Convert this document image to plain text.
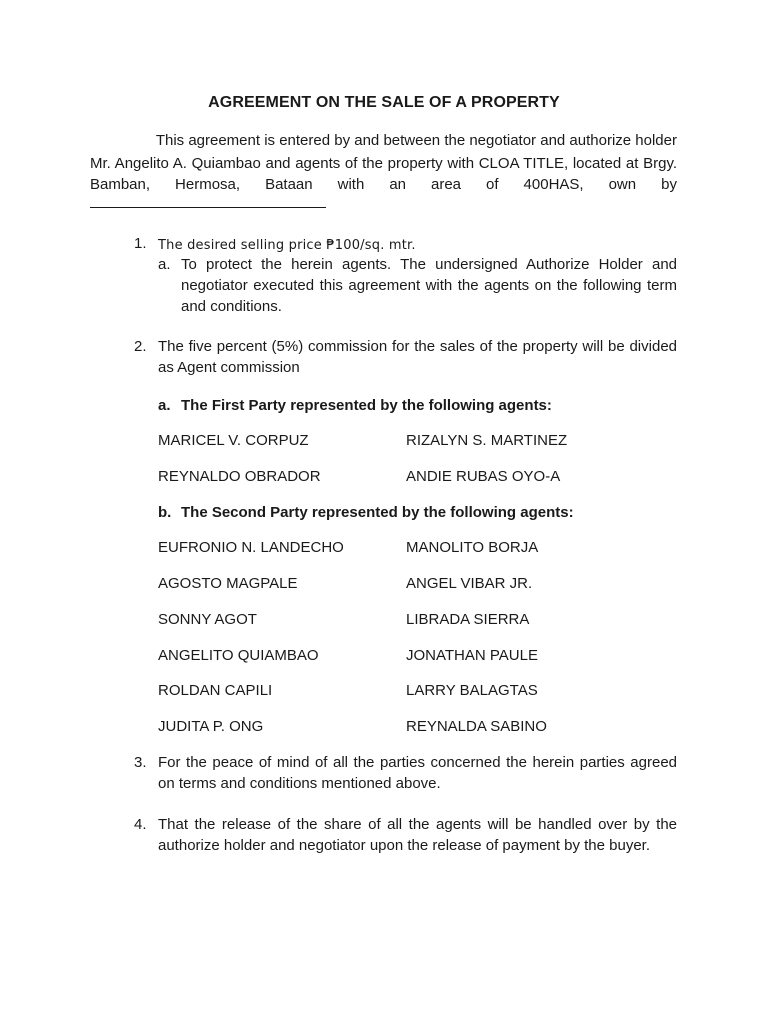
AGREEMENT ON THE SALE OF A PROPERTY
This agreement is entered by and between the negotiator and authorize holder
Mr. Angelito A. Quiambao and agents of the property with CLOA TITLE, located at Brgy.
Bamban, Hermosa, Bataan with an area of 400HAS, own by
1. The desired selling price ₱100/sq. mtr.
a. To protect the herein agents. The undersigned Authorize Holder and negotiator executed this agreement with the agents on the following term and conditions.
2. The five percent (5%) commission for the sales of the property will be divided as Agent commission
a. The First Party represented by the following agents:
MARICEL V. CORPUZ	RIZALYN S. MARTINEZ
REYNALDO OBRADOR	ANDIE RUBAS OYO-A
b. The Second Party represented by the following agents:
EUFRONIO N. LANDECHO	MANOLITO BORJA
AGOSTO MAGPALE	ANGEL VIBAR JR.
SONNY AGOT	LIBRADA SIERRA
ANGELITO QUIAMBAO	JONATHAN PAULE
ROLDAN CAPILI	LARRY BALAGTAS
JUDITA P. ONG	REYNALDA SABINO
3. For the peace of mind of all the parties concerned the herein parties agreed on terms and conditions mentioned above.
4. That the release of the share of all the agents will be handled over by the authorize holder and negotiator upon the release of payment by the buyer.
